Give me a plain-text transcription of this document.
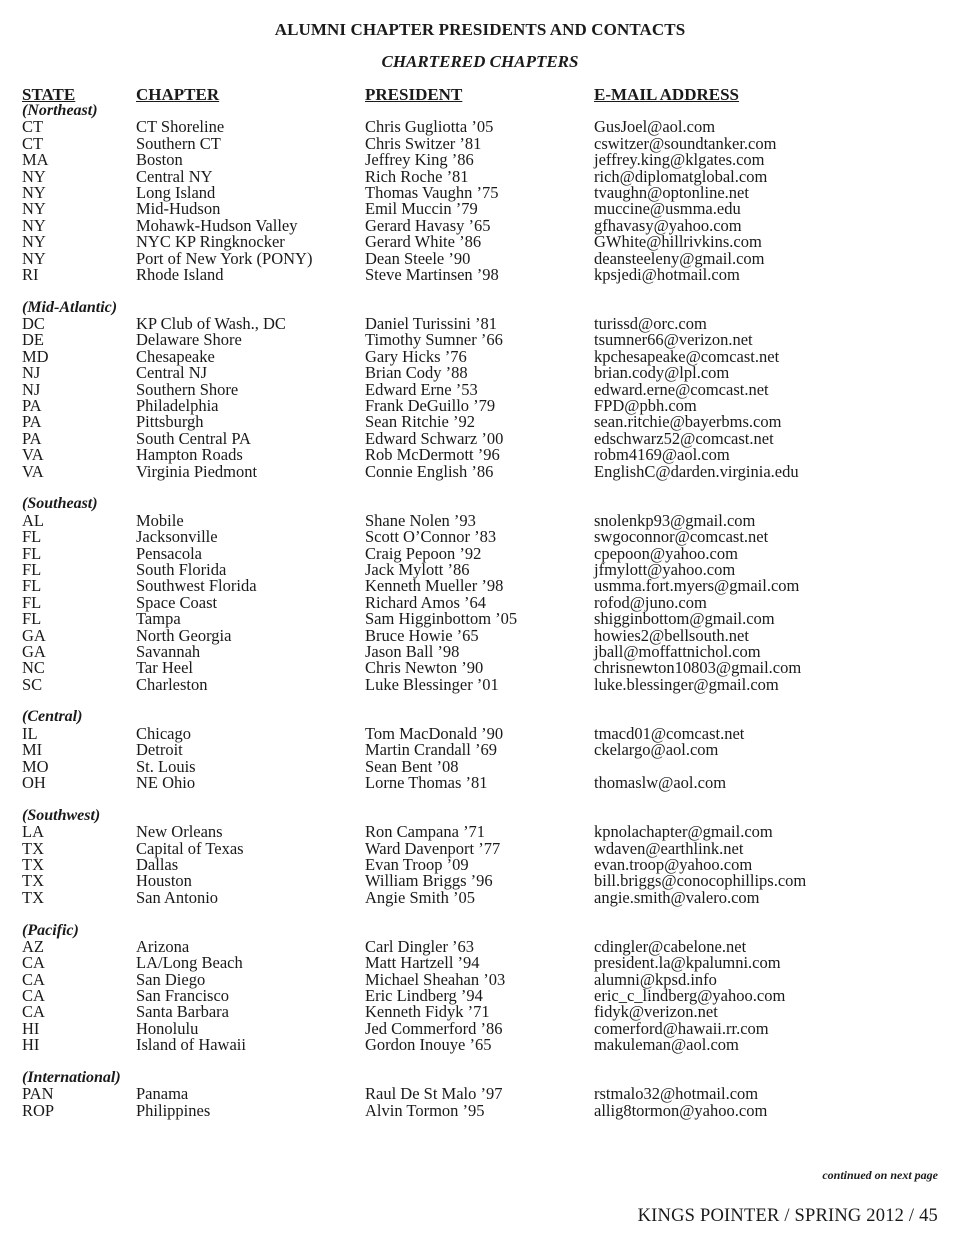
ALUMNI CHAPTER PRESIDENTS AND CONTACTS
CHARTERED CHAPTERS
STATE	CHAPTER	PRESIDENT	E-MAIL ADDRESS
(Northeast)
CT	CT Shoreline	Chris Gugliotta ’05	GusJoel@aol.com
CT	Southern CT	Chris Switzer ’81	cswitzer@soundtanker.com
MA	Boston	Jeffrey King ’86	jeffrey.king@klgates.com
NY	Central NY	Rich Roche ’81	rich@diplomatglobal.com
NY	Long Island	Thomas Vaughn ’75	tvaughn@optonline.net
NY	Mid-Hudson	Emil Muccin ’79	muccine@usmma.edu
NY	Mohawk-Hudson Valley	Gerard Havasy ’65	gfhavasy@yahoo.com
NY	NYC KP Ringknocker	Gerard White ’86	GWhite@hillrivkins.com
NY	Port of New York (PONY)	Dean Steele ’90	deansteeleny@gmail.com
RI	Rhode Island	Steve Martinsen ’98	kpsjedi@hotmail.com
(Mid-Atlantic)
DC	KP Club of Wash., DC	Daniel Turissini ’81	turissd@orc.com
DE	Delaware Shore	Timothy Sumner ’66	tsumner66@verizon.net
MD	Chesapeake	Gary Hicks ’76	kpchesapeake@comcast.net
NJ	Central NJ	Brian Cody ’88	brian.cody@lpl.com
NJ	Southern Shore	Edward Erne ’53	edward.erne@comcast.net
PA	Philadelphia	Frank DeGuillo ’79	FPD@pbh.com
PA	Pittsburgh	Sean Ritchie ’92	sean.ritchie@bayerbms.com
PA	South Central PA	Edward Schwarz ’00	edschwarz52@comcast.net
VA	Hampton Roads	Rob McDermott ’96	robm4169@aol.com
VA	Virginia Piedmont	Connie English ’86	EnglishC@darden.virginia.edu
(Southeast)
AL	Mobile	Shane Nolen ’93	snolenkp93@gmail.com
FL	Jacksonville	Scott O’Connor ’83	swgoconnor@comcast.net
FL	Pensacola	Craig Pepoon ’92	cpepoon@yahoo.com
FL	South Florida	Jack Mylott ’86	jfmylott@yahoo.com
FL	Southwest Florida	Kenneth Mueller ’98	usmma.fort.myers@gmail.com
FL	Space Coast	Richard Amos ’64	rofod@juno.com
FL	Tampa	Sam Higginbottom ’05	shigginbottom@gmail.com
GA	North Georgia	Bruce Howie ’65	howies2@bellsouth.net
GA	Savannah	Jason Ball ’98	jball@moffattnichol.com
NC	Tar Heel	Chris Newton ’90	chrisnewton10803@gmail.com
SC	Charleston	Luke Blessinger ’01	luke.blessinger@gmail.com
(Central)
IL	Chicago	Tom MacDonald ’90	tmacd01@comcast.net
MI	Detroit	Martin Crandall ’69	ckelargo@aol.com
MO	St. Louis	Sean Bent ’08
OH	NE Ohio	Lorne Thomas ’81	thomaslw@aol.com
(Southwest)
LA	New Orleans	Ron Campana ’71	kpnolachapter@gmail.com
TX	Capital of Texas	Ward Davenport ’77	wdaven@earthlink.net
TX	Dallas	Evan Troop ’09	evan.troop@yahoo.com
TX	Houston	William Briggs ’96	bill.briggs@conocophillips.com
TX	San Antonio	Angie Smith ’05	angie.smith@valero.com
(Pacific)
AZ	Arizona	Carl Dingler ’63	cdingler@cabelone.net
CA	LA/Long Beach	Matt Hartzell ’94	president.la@kpalumni.com
CA	San Diego	Michael Sheahan ’03	alumni@kpsd.info
CA	San Francisco	Eric Lindberg ’94	eric_c_lindberg@yahoo.com
CA	Santa Barbara	Kenneth Fidyk ’71	fidyk@verizon.net
HI	Honolulu	Jed Commerford ’86	comerford@hawaii.rr.com
HI	Island of Hawaii	Gordon Inouye ’65	makuleman@aol.com
(International)
PAN	Panama	Raul De St Malo ’97	rstmalo32@hotmail.com
ROP	Philippines	Alvin Tormon ’95	allig8tormon@yahoo.com
continued on next page
KINGS POINTER / SPRING 2012 / 45
